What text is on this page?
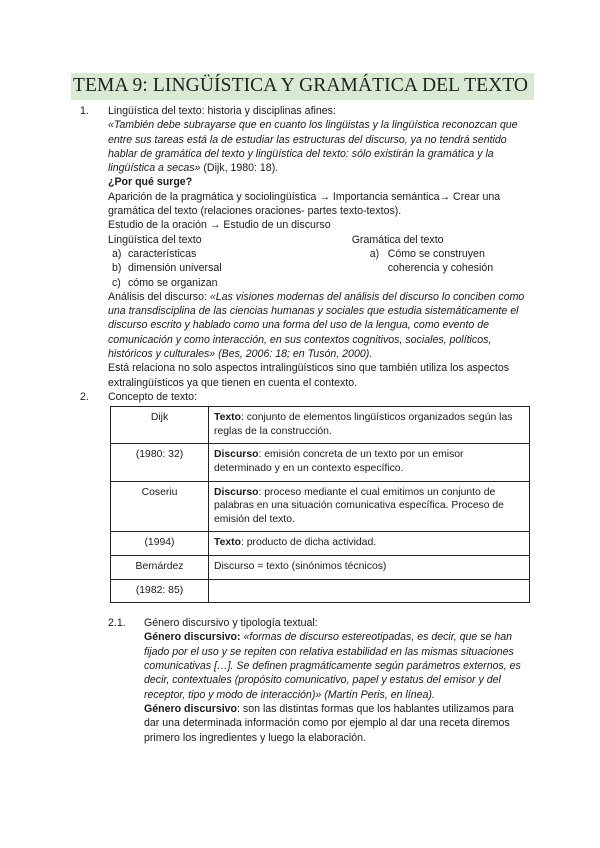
TEMA 9: LINGÜÍSTICA Y GRAMÁTICA DEL TEXTO
1. Lingüística del texto: historia y disciplinas afines:
«También debe subrayarse que en cuanto los lingüistas y la lingüística reconozcan que entre sus tareas está la de estudiar las estructuras del discurso, ya no tendrá sentido hablar de gramática del texto y lingüística del texto: sólo existirán la gramática y la lingüística a secas» (Dijk, 1980: 18).
¿Por qué surge?
Aparición de la pragmática y sociolingüística → Importancia semántica→ Crear una gramática del texto (relaciones oraciones- partes texto-textos).
Estudio de la oración → Estudio de un discurso
Lingüística del texto
a) características
b) dimensión universal
c) cómo se organizan
Gramática del texto
a) Cómo se construyen coherencia y cohesión
Análisis del discurso: «Las visiones modernas del análisis del discurso lo conciben como una transdisciplina de las ciencias humanas y sociales que estudia sistemáticamente el discurso escrito y hablado como una forma del uso de la lengua, como evento de comunicación y como interacción, en sus contextos cognitivos, sociales, políticos, históricos y culturales» (Bes, 2006: 18; en Tusón, 2000).
Está relaciona no solo aspectos intralingüísticos sino que también utiliza los aspectos extralingüísticos ya que tienen en cuenta el contexto.
2. Concepto de texto:
Dijk	Texto: conjunto de elementos lingüísticos organizados según las reglas de la construcción.
(1980: 32)	Discurso: emisión concreta de un texto por un emisor determinado y en un contexto específico.
Coseriu	Discurso: proceso mediante el cual emitimos un conjunto de palabras en una situación comunicativa específica. Proceso de emisión del texto.
(1994)	Texto: producto de dicha actividad.
Bernárdez	Discurso = texto (sinónimos técnicos)
(1982: 85)	
2.1. Género discursivo y tipología textual:
Género discursivo: «formas de discurso estereotipadas, es decir, que se han fijado por el uso y se repiten con relativa estabilidad en las mismas situaciones comunicativas […]. Se definen pragmáticamente según parámetros externos, es decir, contextuales (propósito comunicativo, papel y estatus del emisor y del receptor, tipo y modo de interacción)» (Martín Peris, en línea).
Género discursivo: son las distintas formas que los hablantes utilizamos para dar una determinada información como por ejemplo al dar una receta diremos primero los ingredientes y luego la elaboración.
